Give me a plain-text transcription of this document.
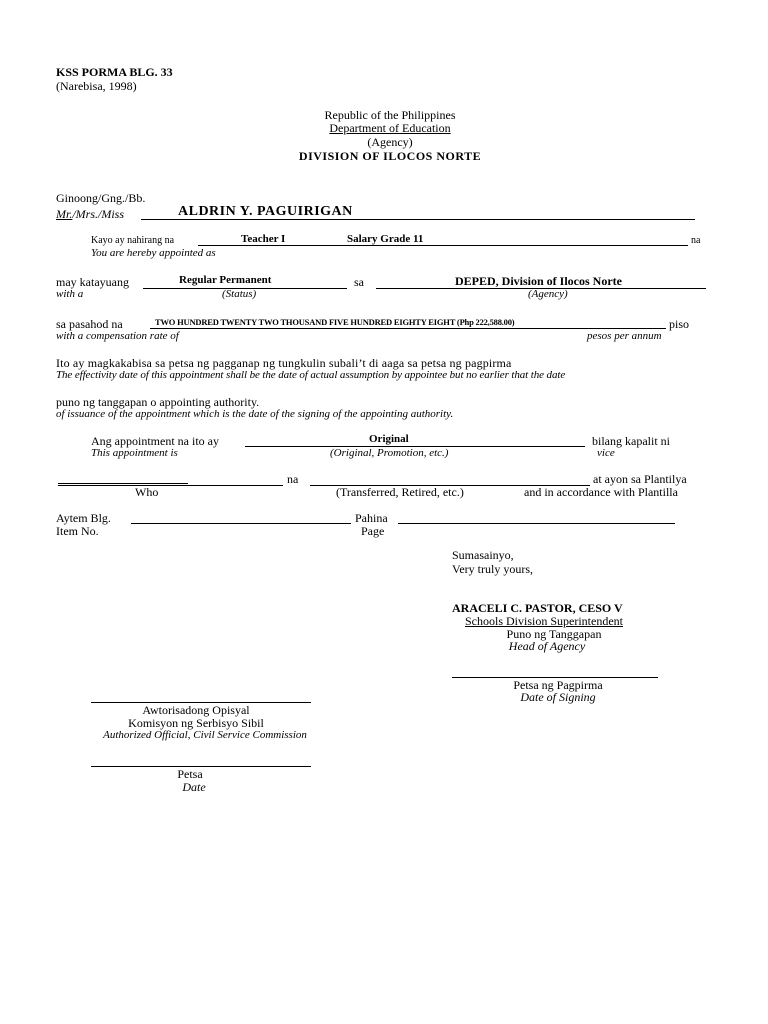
KSS PORMA BLG. 33
(Narebisa, 1998)
Republic of the Philippines
Department of Education
(Agency)
DIVISION OF ILOCOS NORTE
Ginoong/Gng./Bb.
Mr./Mrs./Miss	ALDRIN Y. PAGUIRIGAN
Kayo ay nahirang na	Teacher I	Salary Grade 11	na
You are hereby appointed as
may katayuang	Regular Permanent	sa	DEPED, Division of Ilocos Norte
with a	(Status)	(Agency)
sa pasahod na	TWO HUNDRED TWENTY TWO THOUSAND FIVE HUNDRED EIGHTY EIGHT (Php 222,588.00)	piso
with a compensation rate of	pesos per annum
Ito ay magkakabisa sa petsa ng pagganap ng tungkulin subali’t di aaga sa petsa ng pagpirma
The effectivity date of this appointment shall be the date of actual assumption by appointee but no earlier that the date
puno ng tanggapan o appointing authority.
of issuance of the appointment which is the date of the signing of the appointing authority.
Ang appointment na ito ay	Original	bilang kapalit ni
This appointment is	(Original, Promotion, etc.)	vice
na	at ayon sa Plantilya
Who	(Transferred, Retired, etc.)	and in accordance with Plantilla
Aytem Blg.	Pahina
Item No.	Page
Sumasainyo,
Very truly yours,
ARACELI C. PASTOR, CESO V
Schools Division Superintendent
Puno ng Tanggapan
Head of Agency
Petsa ng Pagpirma
Date of Signing
Awtorisadong Opisyal
Komisyon ng Serbisyo Sibil
Authorized Official, Civil Service Commission
Petsa
Date
